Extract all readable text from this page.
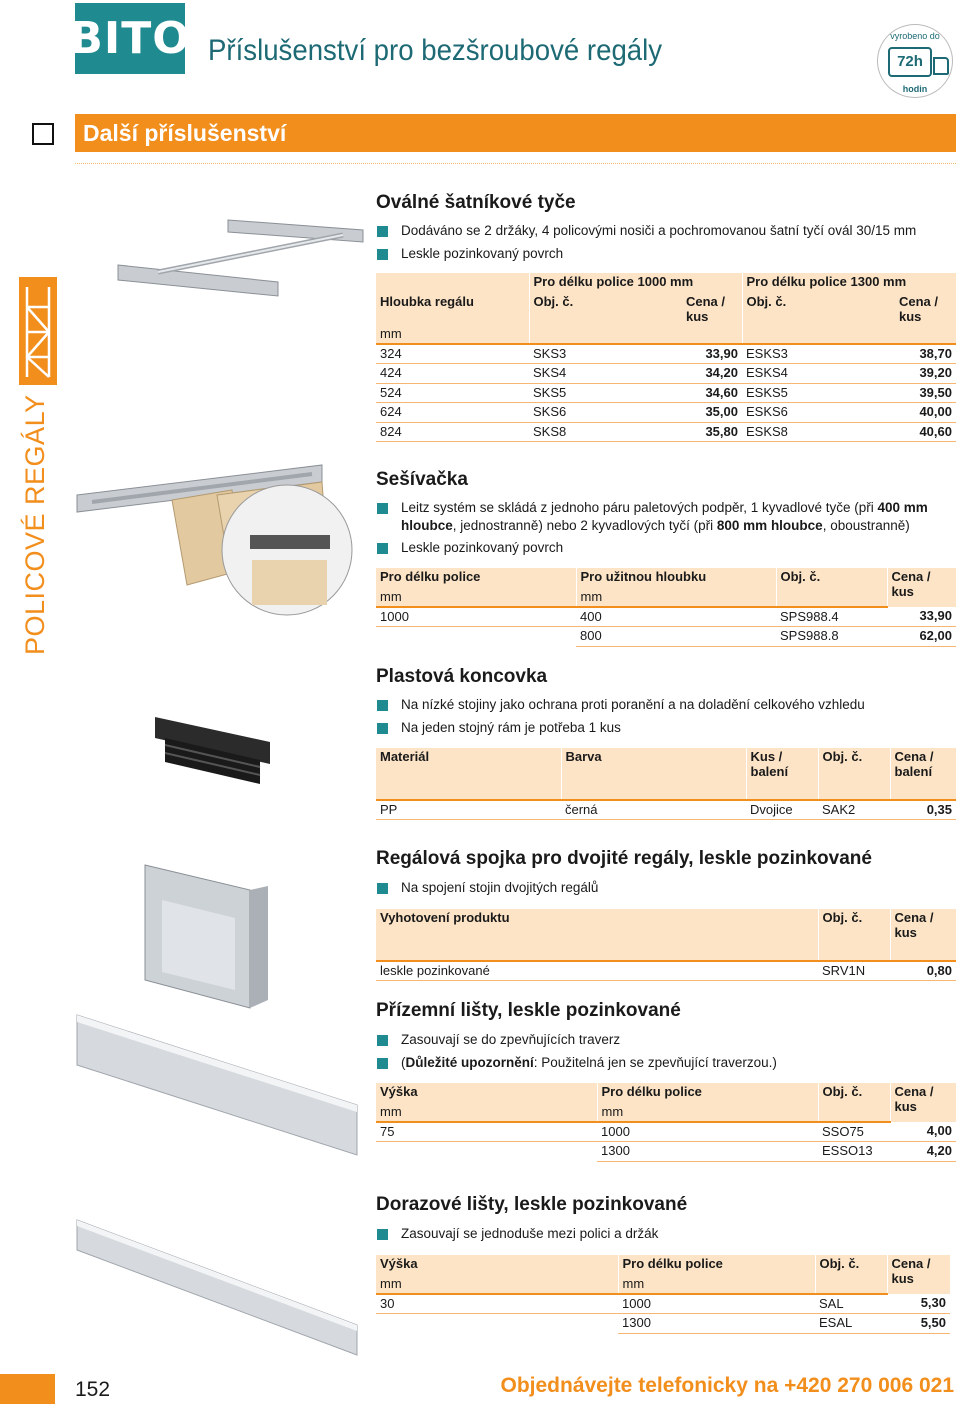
BITO Příslušenství pro bezšroubové regály	vyrobeno do
72h
hodin
Další příslušenství
POLICOVÉ REGÁLY
Oválné šatníkové tyče
Dodáváno se 2 držáky, 4 policovými nosiči a pochromovanou šatní tyčí ovál 30/15 mm
Leskle pozinkovaný povrch
	Pro délku police 1000 mm		Pro délku police 1300 mm	
Hloubka regálu	Obj. č.	Cena / kus	Obj. č.	Cena / kus
mm				
324	SKS3	33,90	ESKS3	38,70
424	SKS4	34,20	ESKS4	39,20
524	SKS5	34,60	ESKS5	39,50
624	SKS6	35,00	ESKS6	40,00
824	SKS8	35,80	ESKS8	40,60
Sešívačka
Leitz systém se skládá z jednoho páru paletových podpěr, 1 kyvadlové tyče (při 400 mm hloubce, jednostranně) nebo 2 kyvadlových tyčí (při 800 mm hloubce, oboustranně)
Leskle pozinkovaný povrch
Pro délku police	Pro užitnou hloubku	Obj. č.	Cena / kus
mm	mm		
1000	400	SPS988.4	33,90
	800	SPS988.8	62,00
Plastová koncovka
Na nízké stojiny jako ochrana proti poranění a na doladění celkového vzhledu
Na jeden stojný rám je potřeba 1 kus
Materiál	Barva	Kus / balení	Obj. č.	Cena / balení

PP	černá	Dvojice	SAK2	0,35
Regálová spojka pro dvojité regály, leskle pozinkované
Na spojení stojin dvojitých regálů
Vyhotovení produktu	Obj. č.	Cena / kus

leskle pozinkované	SRV1N	0,80
Přízemní lišty, leskle pozinkované
Zasouvají se do zpevňujících traverz
(Důležité upozornění: Použitelná jen se zpevňující traverzou.)
Výška	Pro délku police	Obj. č.	Cena / kus
mm	mm		
75	1000	SSO75	4,00
	1300	ESSO13	4,20
Dorazové lišty, leskle pozinkované
Zasouvají se jednoduše mezi polici a držák
Výška	Pro délku police	Obj. č.	Cena / kus
mm	mm		
30	1000	SAL	5,30
	1300	ESAL	5,50
152	Objednávejte telefonicky na +420 270 006 021
